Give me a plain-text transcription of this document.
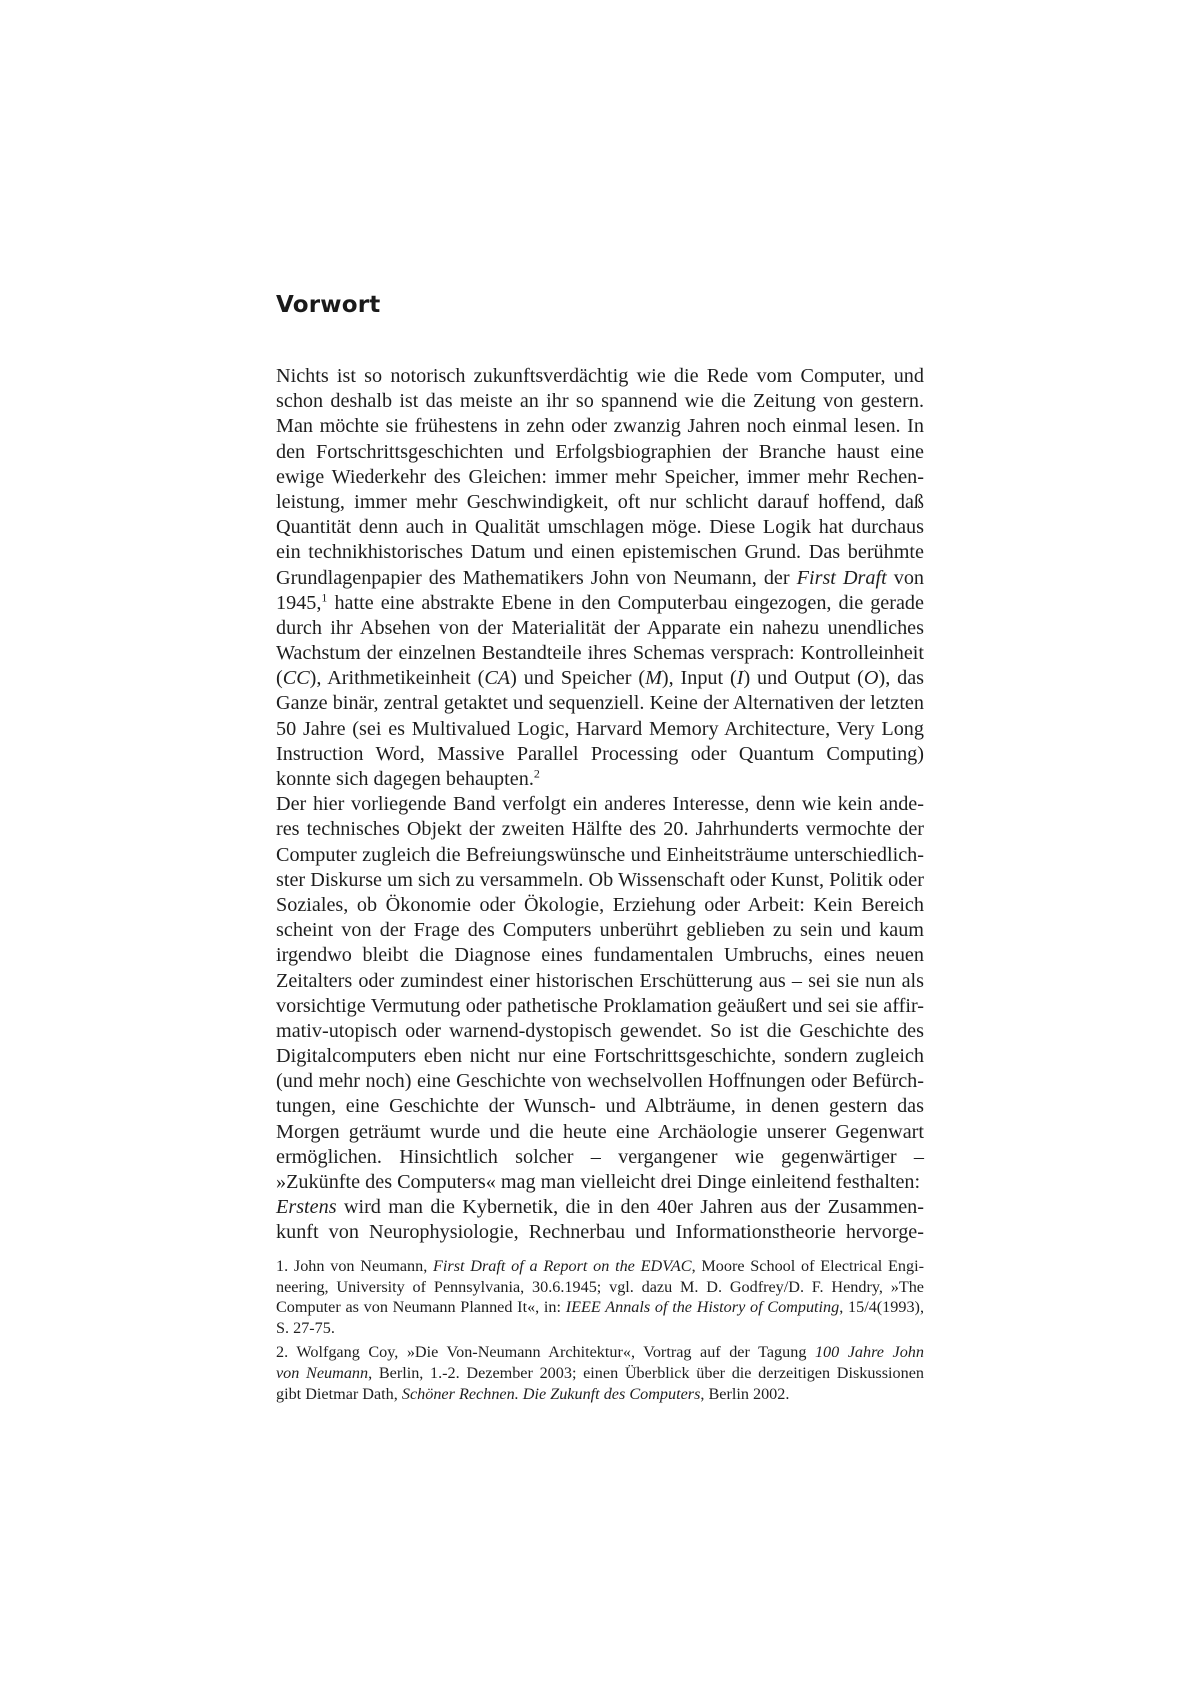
Vorwort
Nichts ist so notorisch zukunftsverdächtig wie die Rede vom Computer, und
schon deshalb ist das meiste an ihr so spannend wie die Zeitung von gestern.
Man möchte sie frühestens in zehn oder zwanzig Jahren noch einmal lesen. In
den Fortschrittsgeschichten und Erfolgsbiographien der Branche haust eine
ewige Wiederkehr des Gleichen: immer mehr Speicher, immer mehr Rechen-
leistung, immer mehr Geschwindigkeit, oft nur schlicht darauf hoffend, daß
Quantität denn auch in Qualität umschlagen möge. Diese Logik hat durchaus
ein technikhistorisches Datum und einen epistemischen Grund. Das berühmte
Grundlagenpapier des Mathematikers John von Neumann, der First Draft von
1945,$^1$ hatte eine abstrakte Ebene in den Computerbau eingezogen, die gerade
durch ihr Absehen von der Materialität der Apparate ein nahezu unendliches
Wachstum der einzelnen Bestandteile ihres Schemas versprach: Kontrolleinheit
(CC), Arithmetikeinheit (CA) und Speicher (M), Input (I) und Output (O), das
Ganze binär, zentral getaktet und sequenziell. Keine der Alternativen der letzten
50 Jahre (sei es Multivalued Logic, Harvard Memory Architecture, Very Long
Instruction Word, Massive Parallel Processing oder Quantum Computing)
konnte sich dagegen behaupten.$^2$
Der hier vorliegende Band verfolgt ein anderes Interesse, denn wie kein ande-
res technisches Objekt der zweiten Hälfte des 20. Jahrhunderts vermochte der
Computer zugleich die Befreiungswünsche und Einheitsträume unterschiedlich-
ster Diskurse um sich zu versammeln. Ob Wissenschaft oder Kunst, Politik oder
Soziales, ob Ökonomie oder Ökologie, Erziehung oder Arbeit: Kein Bereich
scheint von der Frage des Computers unberührt geblieben zu sein und kaum
irgendwo bleibt die Diagnose eines fundamentalen Umbruchs, eines neuen
Zeitalters oder zumindest einer historischen Erschütterung aus – sei sie nun als
vorsichtige Vermutung oder pathetische Proklamation geäußert und sei sie affir-
mativ-utopisch oder warnend-dystopisch gewendet. So ist die Geschichte des
Digitalcomputers eben nicht nur eine Fortschrittsgeschichte, sondern zugleich
(und mehr noch) eine Geschichte von wechselvollen Hoffnungen oder Befürch-
tungen, eine Geschichte der Wunsch- und Albträume, in denen gestern das
Morgen geträumt wurde und die heute eine Archäologie unserer Gegenwart
ermöglichen. Hinsichtlich solcher – vergangener wie gegenwärtiger –
»Zukünfte des Computers« mag man vielleicht drei Dinge einleitend festhalten:
Erstens wird man die Kybernetik, die in den 40er Jahren aus der Zusammen-
kunft von Neurophysiologie, Rechnerbau und Informationstheorie hervorge-
1. John von Neumann, First Draft of a Report on the EDVAC, Moore School of Electrical Engi-
neering, University of Pennsylvania, 30.6.1945; vgl. dazu M. D. Godfrey/D. F. Hendry, »The
Computer as von Neumann Planned It«, in: IEEE Annals of the History of Computing, 15/4(1993),
S. 27-75.
2. Wolfgang Coy, »Die Von-Neumann Architektur«, Vortrag auf der Tagung 100 Jahre John
von Neumann, Berlin, 1.-2. Dezember 2003; einen Überblick über die derzeitigen Diskussionen
gibt Dietmar Dath, Schöner Rechnen. Die Zukunft des Computers, Berlin 2002.
